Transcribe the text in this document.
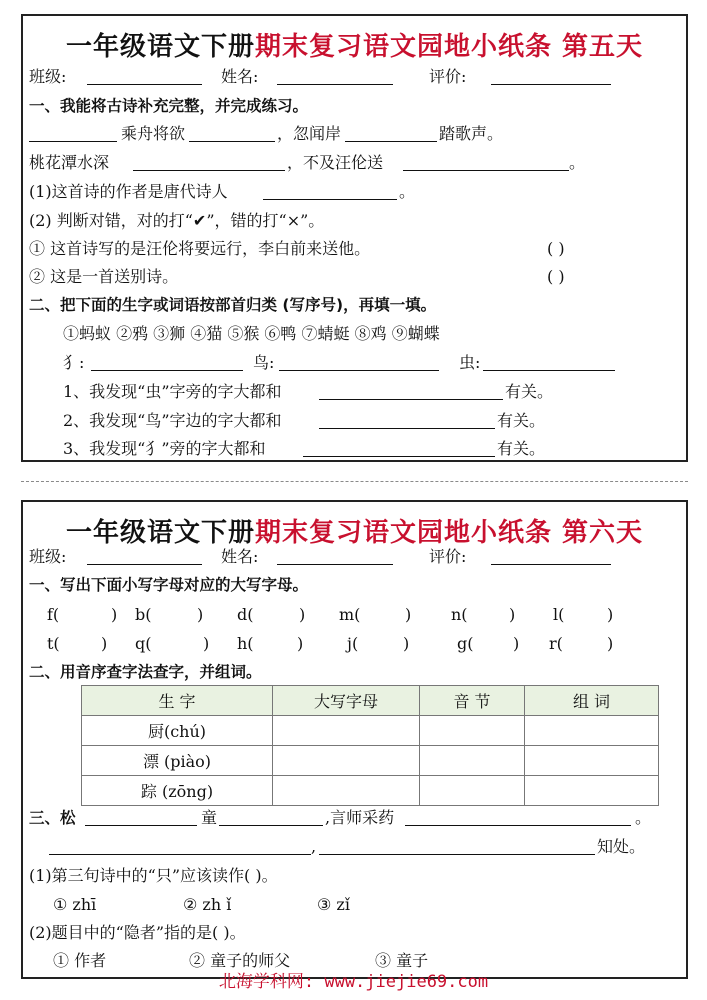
一年级语文下册期末复习语文园地小纸条 第五天
班级:	姓名:	评价:
一、我能将古诗补充完整，并完成练习。
乘舟将欲	，忽闻岸	踏歌声。
桃花潭水深	，不及汪伦送	。
(1)这首诗的作者是唐代诗人	。
(2) 判断对错，对的打“✔”，错的打“×”。
① 这首诗写的是汪伦将要远行，李白前来送他。	( )
② 这是一首送别诗。	( )
二、把下面的生字或词语按部首归类 (写序号)，再填一填。
①蚂蚁 ②鸦 ③狮 ④猫 ⑤猴 ⑥鸭 ⑦蜻蜓 ⑧鸡 ⑨蝴蝶
犭:	鸟:	虫:
1、我发现“虫”字旁的字大都和	有关。
2、我发现“鸟”字边的字大都和	有关。
3、我发现“犭”旁的字大都和	有关。
一年级语文下册期末复习语文园地小纸条 第六天
班级:	姓名:	评价:
一、写出下面小写字母对应的大写字母。
f(	) b(	) d(	) m(	) n(	) l(	)
t(	) q(	) h(	)	j(	)	g( ) r(	)
二、用音序查字法查字，并组词。
生 字	大写字母	音 节	组 词
厨(chú)			
漂 (piào)			
踪 (zōng)			
三、松	童	,言师采药	。
,	知处。
(1)第三句诗中的“只”应该读作( )。
① zhī	② zh ǐ	③ zǐ
(2)题目中的“隐者”指的是( )。
① 作者	② 童子的师父	③ 童子
北海学科网: www.jiejie69.com
